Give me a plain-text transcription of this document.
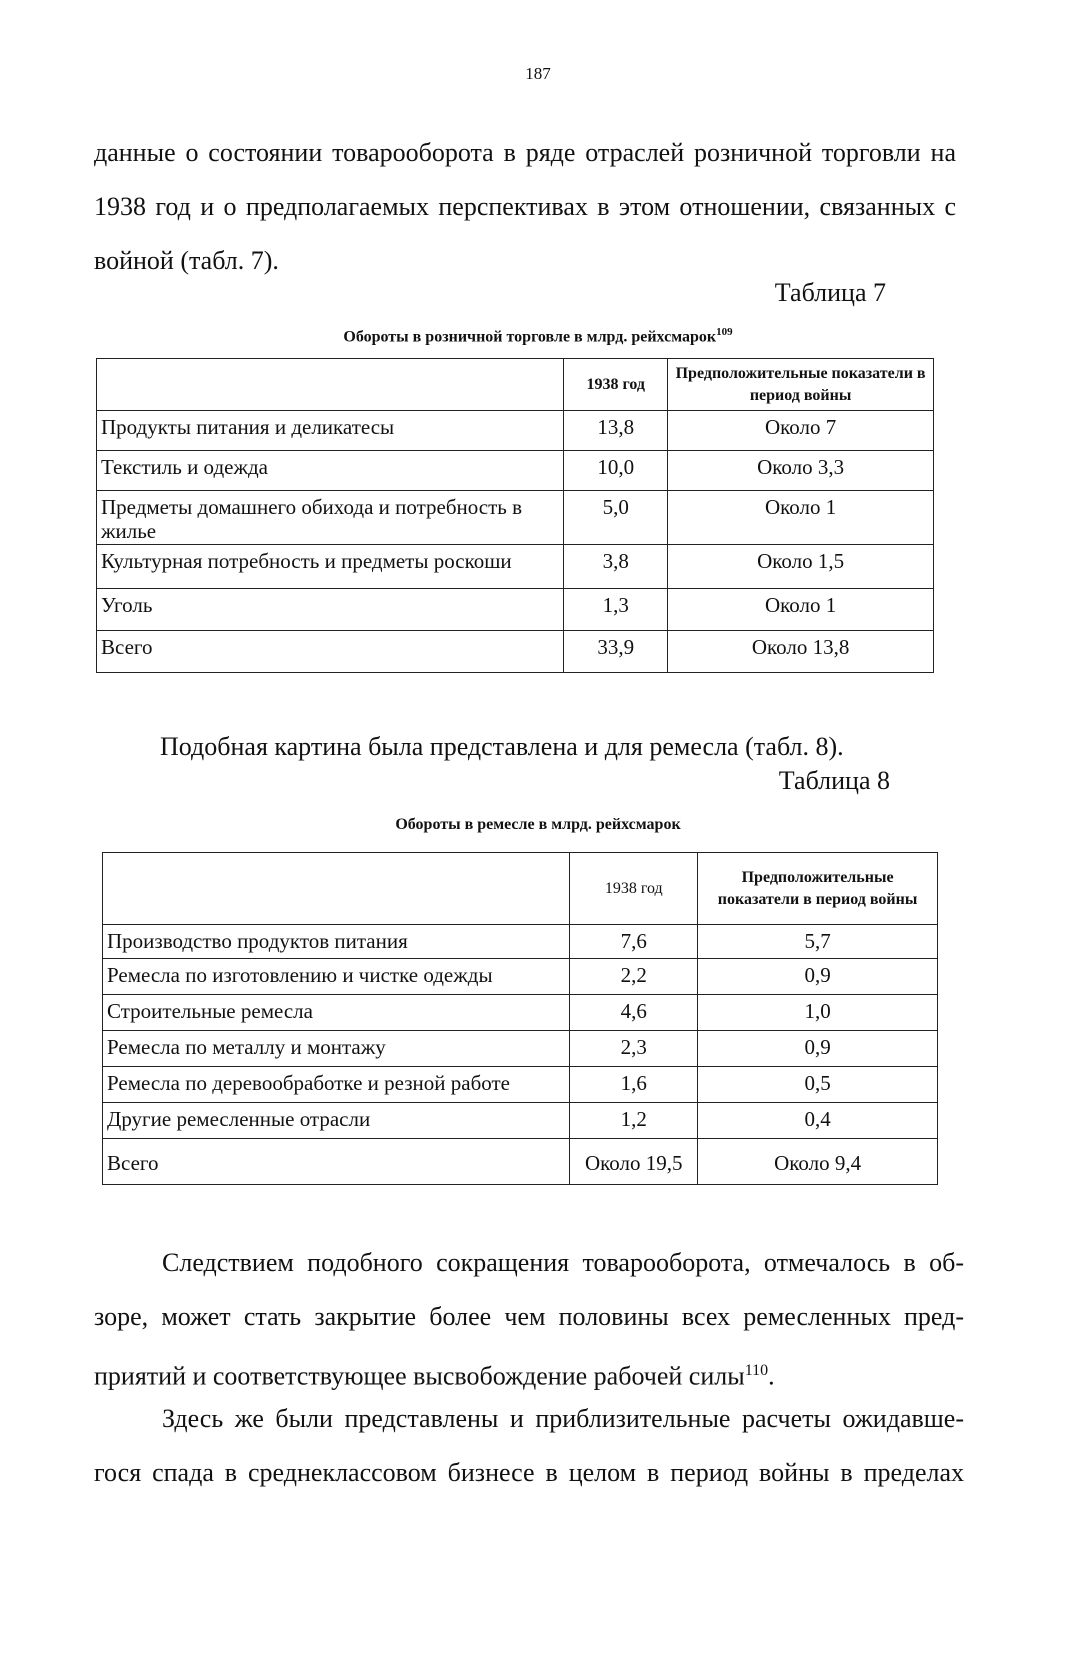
187

данные о состоянии товарооборота в ряде отраслей розничной торговли на
1938 год и о предполагаемых перспективах в этом отношении, связанных с
войной (табл. 7).

Таблица 7
Обороты в розничной торговле в млрд. рейхсмарок$^{109}$
	1938 год	Предположительные показатели в период войны
Продукты питания и деликатесы	13,8	Около 7
Текстиль и одежда	10,0	Около 3,3
Предметы домашнего обихода и потребность в жилье	5,0	Около 1
Культурная потребность и предметы роскоши	3,8	Около 1,5
Уголь	1,3	Около 1
Всего	33,9	Около 13,8

Подобная картина была представлена и для ремесла (табл. 8).

Таблица 8
Обороты в ремесле в млрд. рейхсмарок
	1938 год	Предположительные показатели в период войны
Производство продуктов питания	7,6	5,7
Ремесла по изготовлению и чистке одежды	2,2	0,9
Строительные ремесла	4,6	1,0
Ремесла по металлу и монтажу	2,3	0,9
Ремесла по деревообработке и резной работе	1,6	0,5
Другие ремесленные отрасли	1,2	0,4
Всего	Около 19,5	Около 9,4

Следствием подобного сокращения товарооборота, отмечалось в об-
зоре, может стать закрытие более чем половины всех ремесленных пред-
приятий и соответствующее высвобождение рабочей силы$^{110}$.

Здесь же были представлены и приблизительные расчеты ожидавше-
гося спада в среднеклассовом бизнесе в целом в период войны в пределах
